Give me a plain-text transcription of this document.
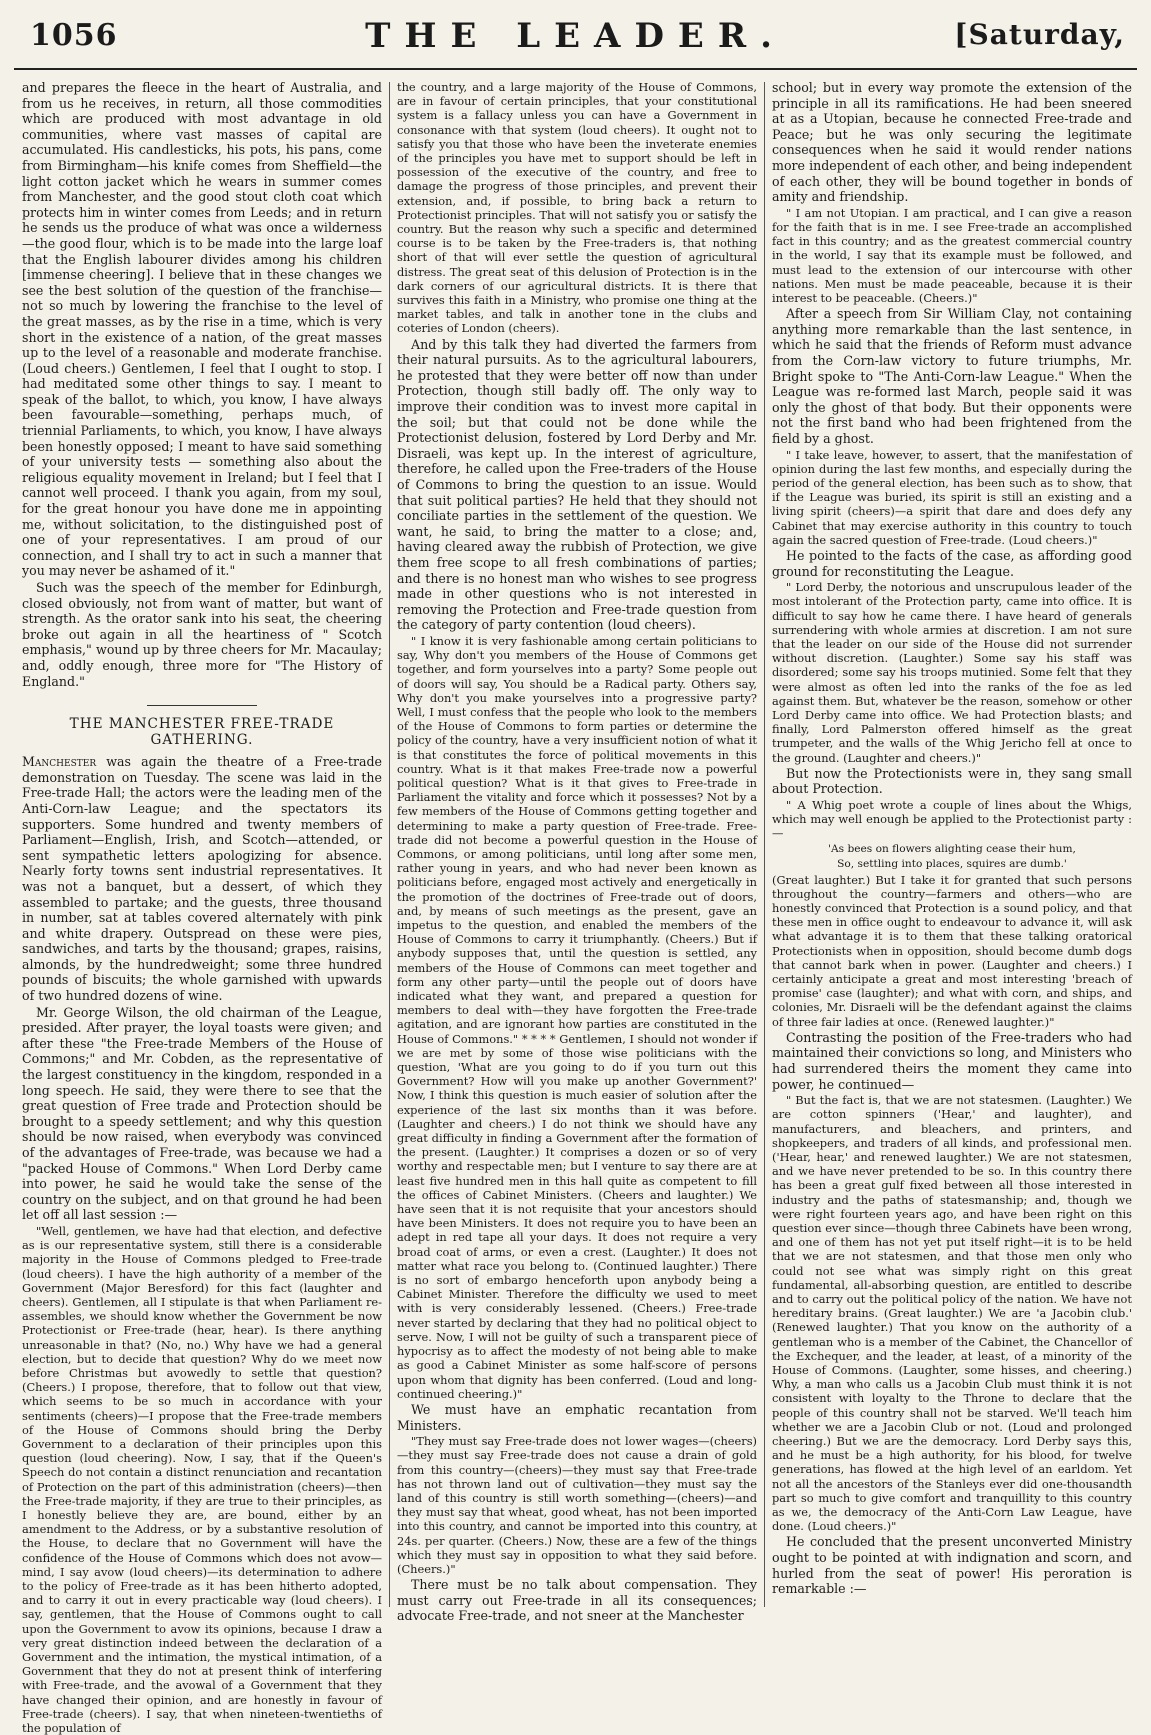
1056	THE LEADER.	[Saturday,

and prepares the fleece in the heart of Australia, and from us he receives, in return, all those commodities which are produced with most advantage in old communities, where vast masses of capital are accumulated. His candlesticks, his pots, his pans, come from Birmingham—his knife comes from Sheffield—the light cotton jacket which he wears in summer comes from Manchester, and the good stout cloth coat which protects him in winter comes from Leeds; and in return he sends us the produce of what was once a wilderness—the good flour, which is to be made into the large loaf that the English labourer divides among his children [immense cheering]. I believe that in these changes we see the best solution of the question of the franchise—not so much by lowering the franchise to the level of the great masses, as by the rise in a time, which is very short in the existence of a nation, of the great masses up to the level of a reasonable and moderate franchise. (Loud cheers.) Gentlemen, I feel that I ought to stop. I had meditated some other things to say. I meant to speak of the ballot, to which, you know, I have always been favourable—something, perhaps much, of triennial Parliaments, to which, you know, I have always been honestly opposed; I meant to have said something of your university tests — something also about the religious equality movement in Ireland; but I feel that I cannot well proceed. I thank you again, from my soul, for the great honour you have done me in appointing me, without solicitation, to the distinguished post of one of your representatives. I am proud of our connection, and I shall try to act in such a manner that you may never be ashamed of it."

Such was the speech of the member for Edinburgh, closed obviously, not from want of matter, but want of strength. As the orator sank into his seat, the cheering broke out again in all the heartiness of " Scotch emphasis," wound up by three cheers for Mr. Macaulay; and, oddly enough, three more for "The History of England."

THE MANCHESTER FREE-TRADE GATHERING.

Manchester was again the theatre of a Free-trade demonstration on Tuesday. The scene was laid in the Free-trade Hall; the actors were the leading men of the Anti-Corn-law League; and the spectators its supporters. Some hundred and twenty members of Parliament—English, Irish, and Scotch—attended, or sent sympathetic letters apologizing for absence. Nearly forty towns sent industrial representatives. It was not a banquet, but a dessert, of which they assembled to partake; and the guests, three thousand in number, sat at tables covered alternately with pink and white drapery. Outspread on these were pies, sandwiches, and tarts by the thousand; grapes, raisins, almonds, by the hundredweight; some three hundred pounds of biscuits; the whole garnished with upwards of two hundred dozens of wine.

Mr. George Wilson, the old chairman of the League, presided. After prayer, the loyal toasts were given; and after these "the Free-trade Members of the House of Commons;" and Mr. Cobden, as the representative of the largest constituency in the kingdom, responded in a long speech. He said, they were there to see that the great question of Free trade and Protection should be brought to a speedy settlement; and why this question should be now raised, when everybody was convinced of the advantages of Free-trade, was because we had a "packed House of Commons." When Lord Derby came into power, he said he would take the sense of the country on the subject, and on that ground he had been let off all last session :—

"Well, gentlemen, we have had that election, and defective as is our representative system, still there is a considerable majority in the House of Commons pledged to Free-trade (loud cheers). I have the high authority of a member of the Government (Major Beresford) for this fact (laughter and cheers). Gentlemen, all I stipulate is that when Parliament re-assembles, we should know whether the Government be now Protectionist or Free-trade (hear, hear). Is there anything unreasonable in that? (No, no.) Why have we had a general election, but to decide that question? Why do we meet now before Christmas but avowedly to settle that question? (Cheers.) I propose, therefore, that to follow out that view, which seems to be so much in accordance with your sentiments (cheers)—I propose that the Free-trade members of the House of Commons should bring the Derby Government to a declaration of their principles upon this question (loud cheering). Now, I say, that if the Queen's Speech do not contain a distinct renunciation and recantation of Protection on the part of this administration (cheers)—then the Free-trade majority, if they are true to their principles, as I honestly believe they are, are bound, either by an amendment to the Address, or by a substantive resolution of the House, to declare that no Government will have the confidence of the House of Commons which does not avow—mind, I say avow (loud cheers)—its determination to adhere to the policy of Free-trade as it has been hitherto adopted, and to carry it out in every practicable way (loud cheers). I say, gentlemen, that the House of Commons ought to call upon the Government to avow its opinions, because I draw a very great distinction indeed between the declaration of a Government and the intimation, the mystical intimation, of a Government that they do not at present think of interfering with Free-trade, and the avowal of a Government that they have changed their opinion, and are honestly in favour of Free-trade (cheers). I say, that when nineteen-twentieths of the population of

the country, and a large majority of the House of Commons, are in favour of certain principles, that your constitutional system is a fallacy unless you can have a Government in consonance with that system (loud cheers). It ought not to satisfy you that those who have been the inveterate enemies of the principles you have met to support should be left in possession of the executive of the country, and free to damage the progress of those principles, and prevent their extension, and, if possible, to bring back a return to Protectionist principles. That will not satisfy you or satisfy the country. But the reason why such a specific and determined course is to be taken by the Free-traders is, that nothing short of that will ever settle the question of agricultural distress. The great seat of this delusion of Protection is in the dark corners of our agricultural districts. It is there that survives this faith in a Ministry, who promise one thing at the market tables, and talk in another tone in the clubs and coteries of London (cheers).

And by this talk they had diverted the farmers from their natural pursuits. As to the agricultural labourers, he protested that they were better off now than under Protection, though still badly off. The only way to improve their condition was to invest more capital in the soil; but that could not be done while the Protectionist delusion, fostered by Lord Derby and Mr. Disraeli, was kept up. In the interest of agriculture, therefore, he called upon the Free-traders of the House of Commons to bring the question to an issue. Would that suit political parties? He held that they should not conciliate parties in the settlement of the question. We want, he said, to bring the matter to a close; and, having cleared away the rubbish of Protection, we give them free scope to all fresh combinations of parties; and there is no honest man who wishes to see progress made in other questions who is not interested in removing the Protection and Free-trade question from the category of party contention (loud cheers).

" I know it is very fashionable among certain politicians to say, Why don't you members of the House of Commons get together, and form yourselves into a party? Some people out of doors will say, You should be a Radical party. Others say, Why don't you make yourselves into a progressive party? Well, I must confess that the people who look to the members of the House of Commons to form parties or determine the policy of the country, have a very insufficient notion of what it is that constitutes the force of political movements in this country. What is it that makes Free-trade now a powerful political question? What is it that gives to Free-trade in Parliament the vitality and force which it possesses? Not by a few members of the House of Commons getting together and determining to make a party question of Free-trade. Free-trade did not become a powerful question in the House of Commons, or among politicians, until long after some men, rather young in years, and who had never been known as politicians before, engaged most actively and energetically in the promotion of the doctrines of Free-trade out of doors, and, by means of such meetings as the present, gave an impetus to the question, and enabled the members of the House of Commons to carry it triumphantly. (Cheers.) But if anybody supposes that, until the question is settled, any members of the House of Commons can meet together and form any other party—until the people out of doors have indicated what they want, and prepared a question for members to deal with—they have forgotten the Free-trade agitation, and are ignorant how parties are constituted in the House of Commons." * * * * Gentlemen, I should not wonder if we are met by some of those wise politicians with the question, 'What are you going to do if you turn out this Government? How will you make up another Government?' Now, I think this question is much easier of solution after the experience of the last six months than it was before. (Laughter and cheers.) I do not think we should have any great difficulty in finding a Government after the formation of the present. (Laughter.) It comprises a dozen or so of very worthy and respectable men; but I venture to say there are at least five hundred men in this hall quite as competent to fill the offices of Cabinet Ministers. (Cheers and laughter.) We have seen that it is not requisite that your ancestors should have been Ministers. It does not require you to have been an adept in red tape all your days. It does not require a very broad coat of arms, or even a crest. (Laughter.) It does not matter what race you belong to. (Continued laughter.) There is no sort of embargo henceforth upon anybody being a Cabinet Minister. Therefore the difficulty we used to meet with is very considerably lessened. (Cheers.) Free-trade never started by declaring that they had no political object to serve. Now, I will not be guilty of such a transparent piece of hypocrisy as to affect the modesty of not being able to make as good a Cabinet Minister as some half-score of persons upon whom that dignity has been conferred. (Loud and long-continued cheering.)"

We must have an emphatic recantation from Ministers.

"They must say Free-trade does not lower wages—(cheers)—they must say Free-trade does not cause a drain of gold from this country—(cheers)—they must say that Free-trade has not thrown land out of cultivation—they must say the land of this country is still worth something—(cheers)—and they must say that wheat, good wheat, has not been imported into this country, and cannot be imported into this country, at 24s. per quarter. (Cheers.) Now, these are a few of the things which they must say in opposition to what they said before. (Cheers.)"

There must be no talk about compensation. They must carry out Free-trade in all its consequences; advocate Free-trade, and not sneer at the Manchester

school; but in every way promote the extension of the principle in all its ramifications. He had been sneered at as a Utopian, because he connected Free-trade and Peace; but he was only securing the legitimate consequences when he said it would render nations more independent of each other, and being independent of each other, they will be bound together in bonds of amity and friendship.

" I am not Utopian. I am practical, and I can give a reason for the faith that is in me. I see Free-trade an accomplished fact in this country; and as the greatest commercial country in the world, I say that its example must be followed, and must lead to the extension of our intercourse with other nations. Men must be made peaceable, because it is their interest to be peaceable. (Cheers.)"

After a speech from Sir William Clay, not containing anything more remarkable than the last sentence, in which he said that the friends of Reform must advance from the Corn-law victory to future triumphs, Mr. Bright spoke to "The Anti-Corn-law League." When the League was re-formed last March, people said it was only the ghost of that body. But their opponents were not the first band who had been frightened from the field by a ghost.

" I take leave, however, to assert, that the manifestation of opinion during the last few months, and especially during the period of the general election, has been such as to show, that if the League was buried, its spirit is still an existing and a living spirit (cheers)—a spirit that dare and does defy any Cabinet that may exercise authority in this country to touch again the sacred question of Free-trade. (Loud cheers.)"

He pointed to the facts of the case, as affording good ground for reconstituting the League.

" Lord Derby, the notorious and unscrupulous leader of the most intolerant of the Protection party, came into office. It is difficult to say how he came there. I have heard of generals surrendering with whole armies at discretion. I am not sure that the leader on our side of the House did not surrender without discretion. (Laughter.) Some say his staff was disordered; some say his troops mutinied. Some felt that they were almost as often led into the ranks of the foe as led against them. But, whatever be the reason, somehow or other Lord Derby came into office. We had Protection blasts; and finally, Lord Palmerston offered himself as the great trumpeter, and the walls of the Whig Jericho fell at once to the ground. (Laughter and cheers.)"

But now the Protectionists were in, they sang small about Protection.

" A Whig poet wrote a couple of lines about the Whigs, which may well enough be applied to the Protectionist party :—

'As bees on flowers alighting cease their hum,

So, settling into places, squires are dumb.'

(Great laughter.) But I take it for granted that such persons throughout the country—farmers and others—who are honestly convinced that Protection is a sound policy, and that these men in office ought to endeavour to advance it, will ask what advantage it is to them that these talking oratorical Protectionists when in opposition, should become dumb dogs that cannot bark when in power. (Laughter and cheers.) I certainly anticipate a great and most interesting 'breach of promise' case (laughter); and what with corn, and ships, and colonies, Mr. Disraeli will be the defendant against the claims of three fair ladies at once. (Renewed laughter.)"

Contrasting the position of the Free-traders who had maintained their convictions so long, and Ministers who had surrendered theirs the moment they came into power, he continued—

" But the fact is, that we are not statesmen. (Laughter.) We are cotton spinners ('Hear,' and laughter), and manufacturers, and bleachers, and printers, and shopkeepers, and traders of all kinds, and professional men. ('Hear, hear,' and renewed laughter.) We are not statesmen, and we have never pretended to be so. In this country there has been a great gulf fixed between all those interested in industry and the paths of statesmanship; and, though we were right fourteen years ago, and have been right on this question ever since—though three Cabinets have been wrong, and one of them has not yet put itself right—it is to be held that we are not statesmen, and that those men only who could not see what was simply right on this great fundamental, all-absorbing question, are entitled to describe and to carry out the political policy of the nation. We have not hereditary brains. (Great laughter.) We are 'a Jacobin club.' (Renewed laughter.) That you know on the authority of a gentleman who is a member of the Cabinet, the Chancellor of the Exchequer, and the leader, at least, of a minority of the House of Commons. (Laughter, some hisses, and cheering.) Why, a man who calls us a Jacobin Club must think it is not consistent with loyalty to the Throne to declare that the people of this country shall not be starved. We'll teach him whether we are a Jacobin Club or not. (Loud and prolonged cheering.) But we are the democracy. Lord Derby says this, and he must be a high authority, for his blood, for twelve generations, has flowed at the high level of an earldom. Yet not all the ancestors of the Stanleys ever did one-thousandth part so much to give comfort and tranquillity to this country as we, the democracy of the Anti-Corn Law League, have done. (Loud cheers.)"

He concluded that the present unconverted Ministry ought to be pointed at with indignation and scorn, and hurled from the seat of power! His peroration is remarkable :—
